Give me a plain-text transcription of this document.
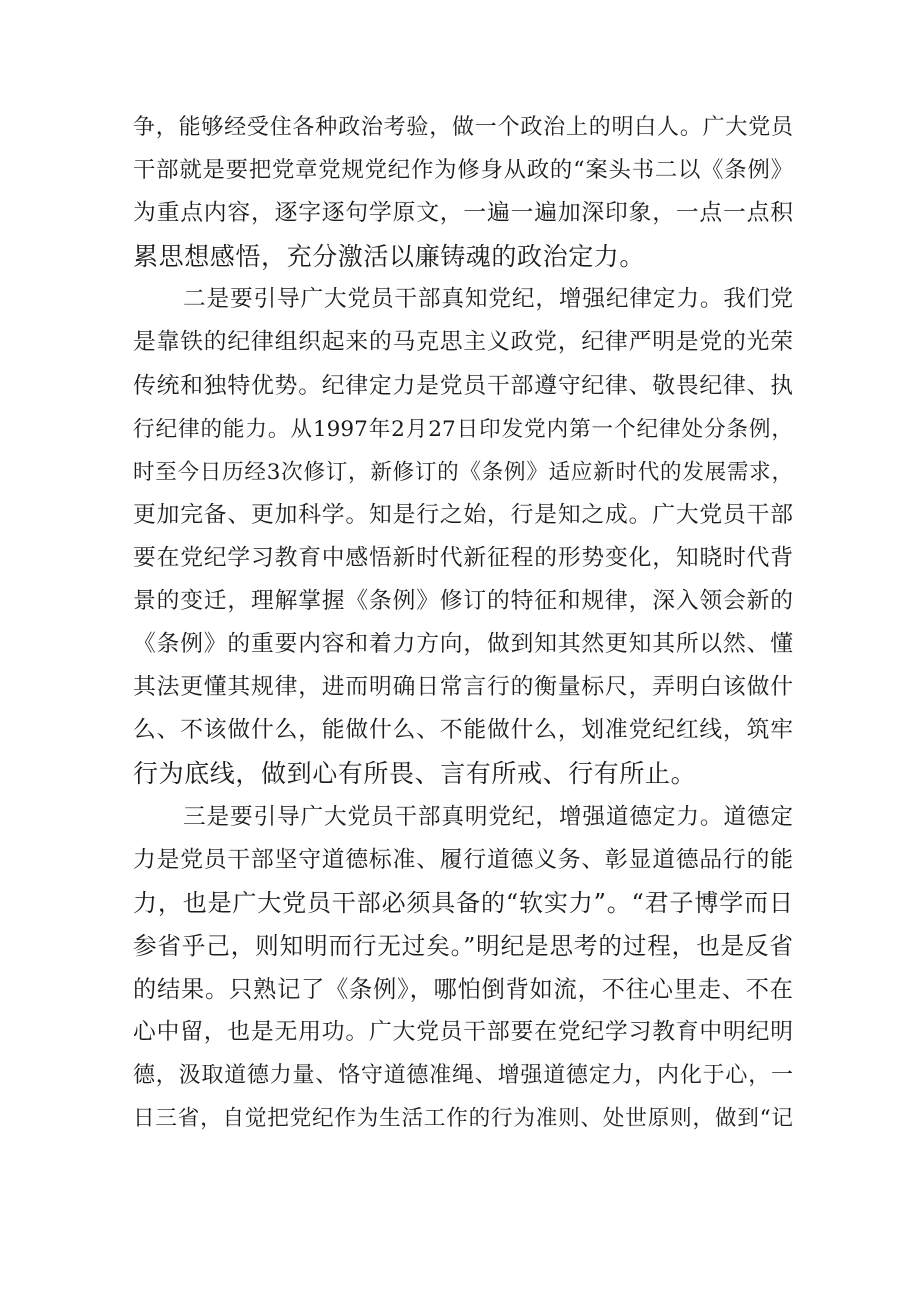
争，能够经受住各种政治考验，做一个政治上的明白人。广大党员
干部就是要把党章党规党纪作为修身从政的“案头书二以《条例》
为重点内容，逐字逐句学原文，一遍一遍加深印象，一点一点积
累思想感悟，充分激活以廉铸魂的政治定力。
二是要引导广大党员干部真知党纪，增强纪律定力。我们党
是靠铁的纪律组织起来的马克思主义政党，纪律严明是党的光荣
传统和独特优势。纪律定力是党员干部遵守纪律、敬畏纪律、执
行纪律的能力。从1997年2月27日印发党内第一个纪律处分条例，
时至今日历经3次修订，新修订的《条例》适应新时代的发展需求，
更加完备、更加科学。知是行之始，行是知之成。广大党员干部
要在党纪学习教育中感悟新时代新征程的形势变化，知晓时代背
景的变迁，理解掌握《条例》修订的特征和规律，深入领会新的
《条例》的重要内容和着力方向，做到知其然更知其所以然、懂
其法更懂其规律，进而明确日常言行的衡量标尺，弄明白该做什
么、不该做什么，能做什么、不能做什么，划准党纪红线，筑牢
行为底线，做到心有所畏、言有所戒、行有所止。
三是要引导广大党员干部真明党纪，增强道德定力。道德定
力是党员干部坚守道德标准、履行道德义务、彰显道德品行的能
力，也是广大党员干部必须具备的“软实力”。“君子博学而日
参省乎己，则知明而行无过矣。”明纪是思考的过程，也是反省
的结果。只熟记了《条例》，哪怕倒背如流，不往心里走、不在
心中留，也是无用功。广大党员干部要在党纪学习教育中明纪明
德，汲取道德力量、恪守道德准绳、增强道德定力，内化于心，一
日三省，自觉把党纪作为生活工作的行为准则、处世原则，做到“记
